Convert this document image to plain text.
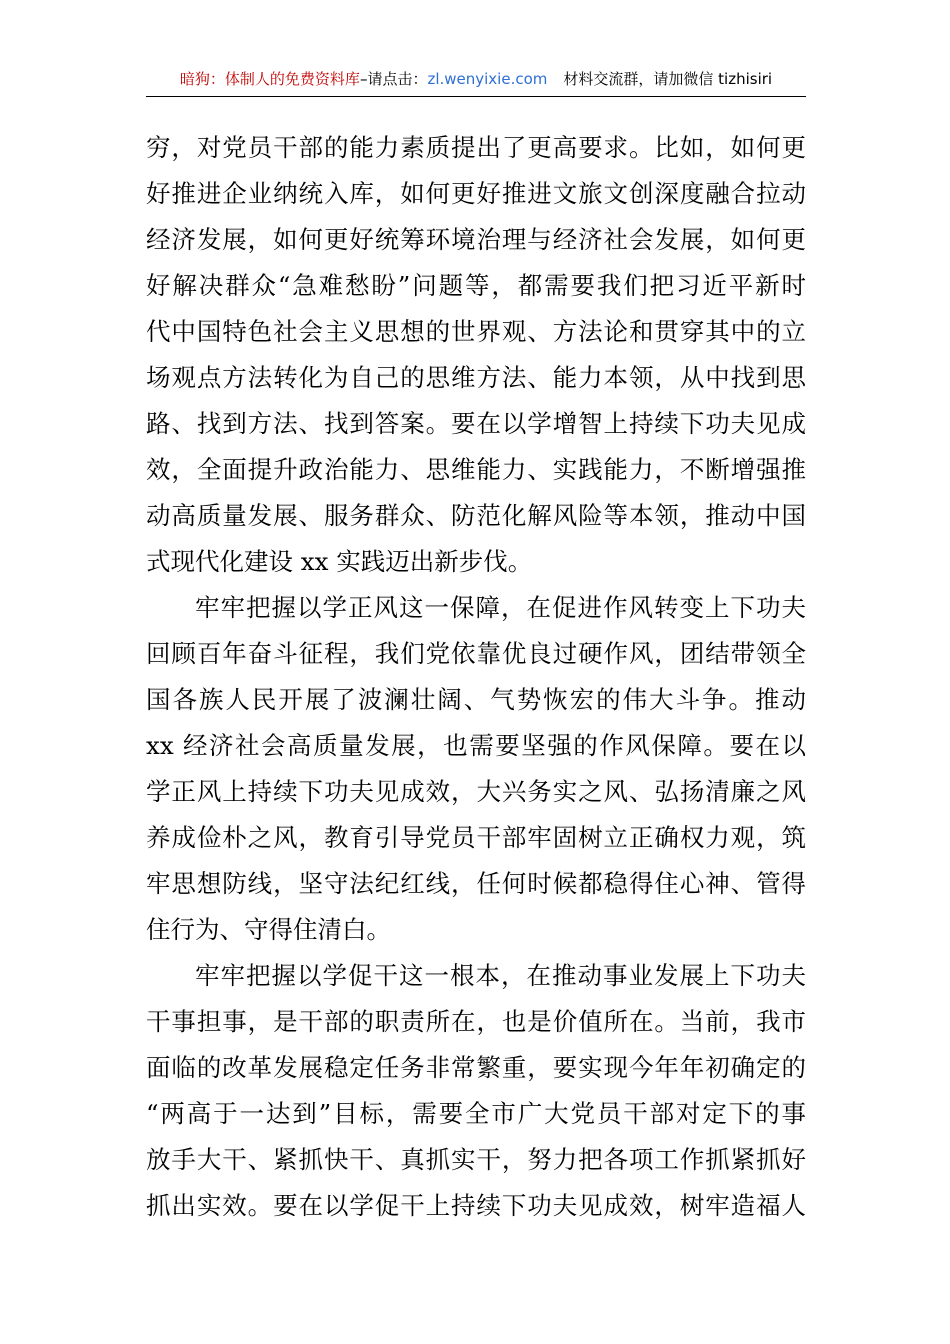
暗狗：体制人的免费资料库–请点击：zl.wenyixie.com 材料交流群，请加微信 tizhisiri
穷，对党员干部的能力素质提出了更高要求。比如，如何更
好推进企业纳统入库，如何更好推进文旅文创深度融合拉动
经济发展，如何更好统筹环境治理与经济社会发展，如何更
好解决群众“急难愁盼”问题等，都需要我们把习近平新时
代中国特色社会主义思想的世界观、方法论和贯穿其中的立
场观点方法转化为自己的思维方法、能力本领，从中找到思
路、找到方法、找到答案。要在以学增智上持续下功夫见成
效，全面提升政治能力、思维能力、实践能力，不断增强推
动高质量发展、服务群众、防范化解风险等本领，推动中国
式现代化建设 xx 实践迈出新步伐。
牢牢把握以学正风这一保障，在促进作风转变上下功夫
回顾百年奋斗征程，我们党依靠优良过硬作风，团结带领全
国各族人民开展了波澜壮阔、气势恢宏的伟大斗争。推动
xx 经济社会高质量发展，也需要坚强的作风保障。要在以
学正风上持续下功夫见成效，大兴务实之风、弘扬清廉之风
养成俭朴之风，教育引导党员干部牢固树立正确权力观，筑
牢思想防线，坚守法纪红线，任何时候都稳得住心神、管得
住行为、守得住清白。
牢牢把握以学促干这一根本，在推动事业发展上下功夫
干事担事，是干部的职责所在，也是价值所在。当前，我市
面临的改革发展稳定任务非常繁重，要实现今年年初确定的
“两高于一达到”目标，需要全市广大党员干部对定下的事
放手大干、紧抓快干、真抓实干，努力把各项工作抓紧抓好
抓出实效。要在以学促干上持续下功夫见成效，树牢造福人
